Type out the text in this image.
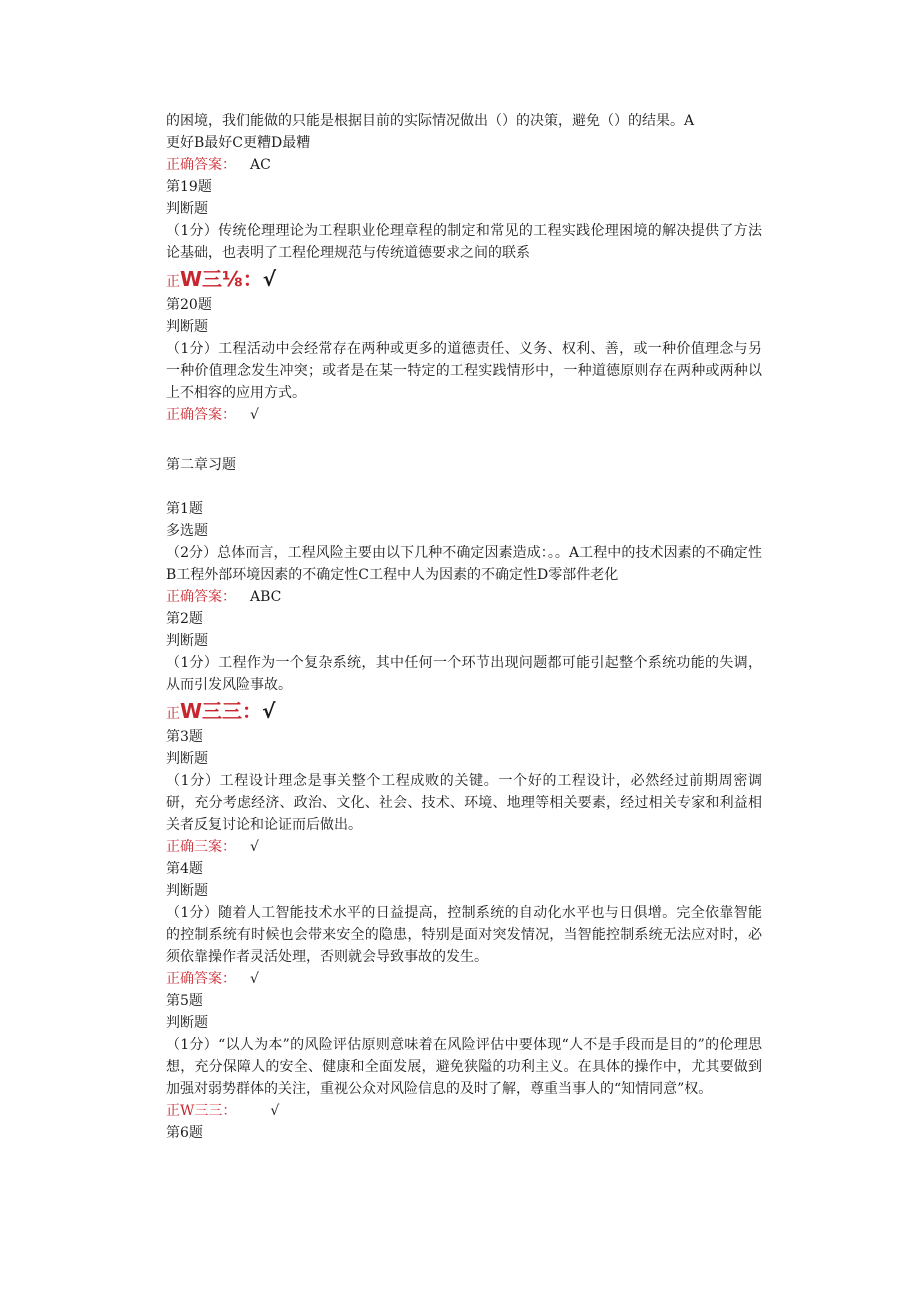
的困境，我们能做的只能是根据目前的实际情况做出（）的决策，避免（）的结果。A
更好B最好C更糟D最糟
正确答案： AC
第19题
判断题
（1分）传统伦理理论为工程职业伦理章程的制定和常见的工程实践伦理困境的解决提供了方法论基础，也表明了工程伦理规范与传统道德要求之间的联系
正W三⅛：√
第20题
判断题
（1分）工程活动中会经常存在两种或更多的道德责任、义务、权利、善，或一种价值理念与另一种价值理念发生冲突；或者是在某一特定的工程实践情形中，一种道德原则存在两种或两种以上不相容的应用方式。
正确答案： √
第二章习题
第1题
多选题
（2分）总体而言，工程风险主要由以下几种不确定因素造成：。。A工程中的技术因素的不确定性B工程外部环境因素的不确定性C工程中人为因素的不确定性D零部件老化
正确答案： ABC
第2题
判断题
（1分）工程作为一个复杂系统，其中任何一个环节出现问题都可能引起整个系统功能的失调，从而引发风险事故。
正W三三：√
第3题
判断题
（1分）工程设计理念是事关整个工程成败的关键。一个好的工程设计，必然经过前期周密调研，充分考虑经济、政治、文化、社会、技术、环境、地理等相关要素，经过相关专家和利益相关者反复讨论和论证而后做出。
正确三案： √
第4题
判断题
（1分）随着人工智能技术水平的日益提高，控制系统的自动化水平也与日俱增。完全依靠智能的控制系统有时候也会带来安全的隐患，特别是面对突发情况，当智能控制系统无法应对时，必须依靠操作者灵活处理，否则就会导致事故的发生。
正确答案： √
第5题
判断题
（1分）“以人为本”的风险评估原则意味着在风险评估中要体现“人不是手段而是目的”的伦理思想，充分保障人的安全、健康和全面发展，避免狭隘的功利主义。在具体的操作中，尤其要做到加强对弱势群体的关注，重视公众对风险信息的及时了解，尊重当事人的“知情同意”权。
正W三三： √
第6题
